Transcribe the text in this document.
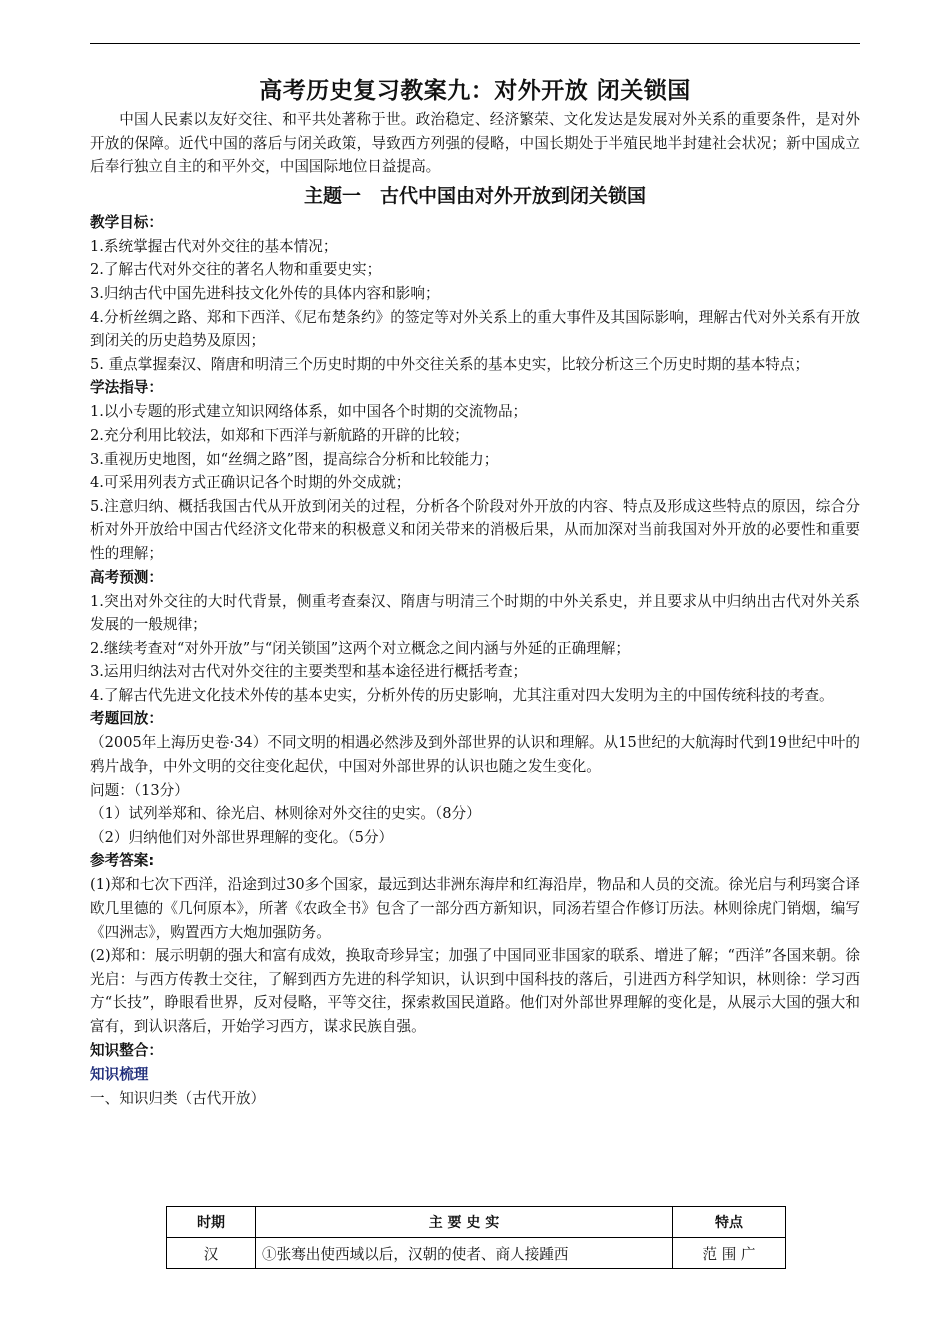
高考历史复习教案九：对外开放 闭关锁国

中国人民素以友好交往、和平共处著称于世。政治稳定、经济繁荣、文化发达是发展对外关系的重要条件，是对外开放的保障。近代中国的落后与闭关政策，导致西方列强的侵略，中国长期处于半殖民地半封建社会状况；新中国成立后奉行独立自主的和平外交，中国国际地位日益提高。

主题一　古代中国由对外开放到闭关锁国
教学目标：

1.系统掌握古代对外交往的基本情况；

2.了解古代对外交往的著名人物和重要史实；

3.归纳古代中国先进科技文化外传的具体内容和影响；

4.分析丝绸之路、郑和下西洋、《尼布楚条约》的签定等对外关系上的重大事件及其国际影响，理解古代对外关系有开放到闭关的历史趋势及原因；

5. 重点掌握秦汉、隋唐和明清三个历史时期的中外交往关系的基本史实，比较分析这三个历史时期的基本特点；

学法指导：

1.以小专题的形式建立知识网络体系，如中国各个时期的交流物品；

2.充分利用比较法，如郑和下西洋与新航路的开辟的比较；

3.重视历史地图，如“丝绸之路”图，提高综合分析和比较能力；

4.可采用列表方式正确识记各个时期的外交成就；

5.注意归纳、概括我国古代从开放到闭关的过程，分析各个阶段对外开放的内容、特点及形成这些特点的原因，综合分析对外开放给中国古代经济文化带来的积极意义和闭关带来的消极后果，从而加深对当前我国对外开放的必要性和重要性的理解；

高考预测：

1.突出对外交往的大时代背景，侧重考查秦汉、隋唐与明清三个时期的中外关系史，并且要求从中归纳出古代对外关系发展的一般规律；

2.继续考查对“对外开放”与“闭关锁国”这两个对立概念之间内涵与外延的正确理解；

3.运用归纳法对古代对外交往的主要类型和基本途径进行概括考查；

4.了解古代先进文化技术外传的基本史实，分析外传的历史影响，尤其注重对四大发明为主的中国传统科技的考查。

考题回放：

（2005年上海历史卷·34）不同文明的相遇必然涉及到外部世界的认识和理解。从15世纪的大航海时代到19世纪中叶的鸦片战争，中外文明的交往变化起伏，中国对外部世界的认识也随之发生变化。

问题：（13分）

（1）试列举郑和、徐光启、林则徐对外交往的史实。（8分）

（2）归纳他们对外部世界理解的变化。（5分）

参考答案:

(1)郑和七次下西洋，沿途到过30多个国家，最远到达非洲东海岸和红海沿岸，物品和人员的交流。徐光启与利玛窦合译欧几里德的《几何原本》，所著《农政全书》包含了一部分西方新知识，同汤若望合作修订历法。林则徐虎门销烟，编写《四洲志》，购置西方大炮加强防务。

(2)郑和：展示明朝的强大和富有成效，换取奇珍异宝；加强了中国同亚非国家的联系、增进了解；“西洋”各国来朝。徐光启：与西方传教士交往，了解到西方先进的科学知识，认识到中国科技的落后，引进西方科学知识，林则徐：学习西方“长技”，睁眼看世界，反对侵略，平等交往，探索救国民道路。他们对外部世界理解的变化是，从展示大国的强大和富有，到认识落后，开始学习西方，谋求民族自强。

知识整合：
知识梳理

一、知识归类（古代开放）

时期	主 要 史 实	特点
汉	①张骞出使西域以后，汉朝的使者、商人接踵西	范 围 广
